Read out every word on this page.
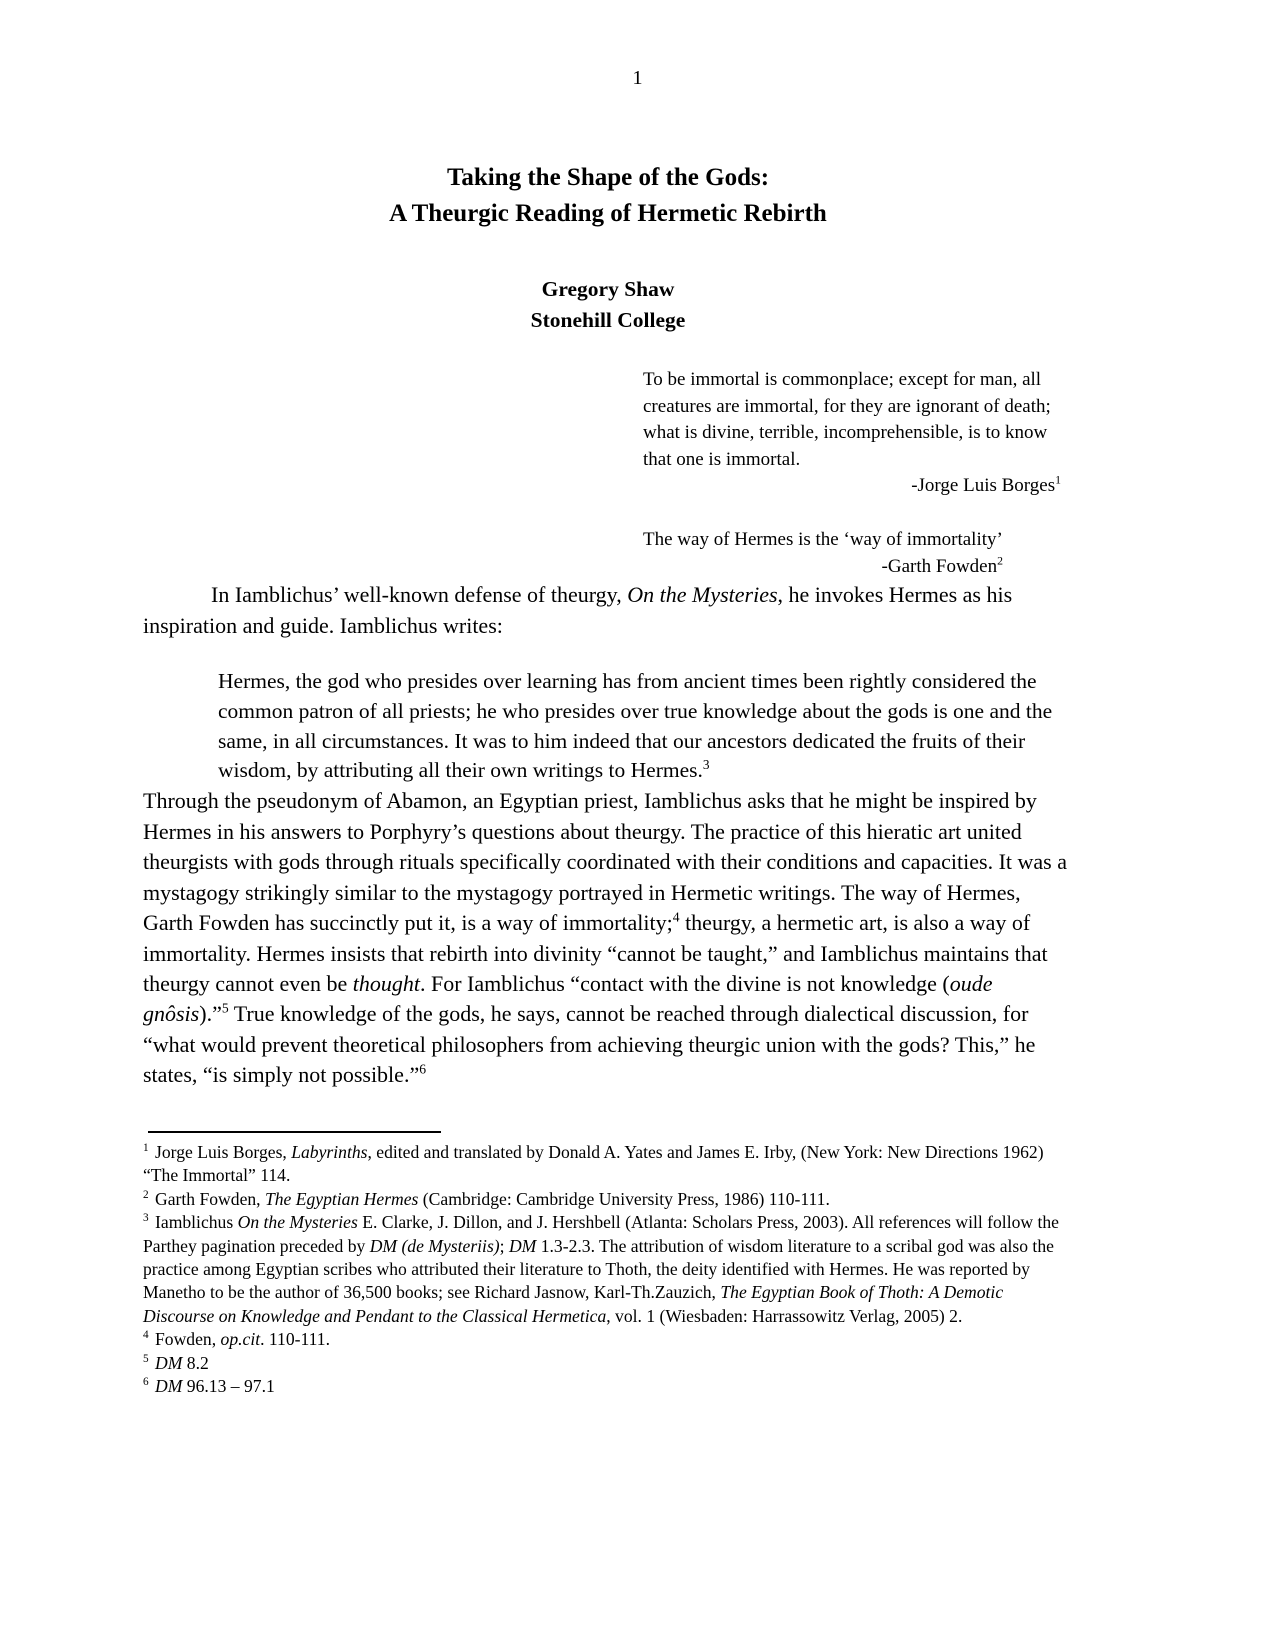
1
Taking the Shape of the Gods:
A Theurgic Reading of Hermetic Rebirth
Gregory Shaw
Stonehill College

To be immortal is commonplace; except for man, all creatures are immortal, for they are ignorant of death; what is divine, terrible, incomprehensible, is to know that one is immortal.

-Jorge Luis Borges$^1$

The way of Hermes is the ‘way of immortality’

-Garth Fowden$^2$

In Iamblichus’ well-known defense of theurgy, On the Mysteries, he invokes Hermes as his inspiration and guide. Iamblichus writes:

Hermes, the god who presides over learning has from ancient times been rightly considered the common patron of all priests; he who presides over true knowledge about the gods is one and the same, in all circumstances. It was to him indeed that our ancestors dedicated the fruits of their wisdom, by attributing all their own writings to Hermes.$^3$

Through the pseudonym of Abamon, an Egyptian priest, Iamblichus asks that he might be inspired by Hermes in his answers to Porphyry’s questions about theurgy. The practice of this hieratic art united theurgists with gods through rituals specifically coordinated with their conditions and capacities. It was a mystagogy strikingly similar to the mystagogy portrayed in Hermetic writings. The way of Hermes, Garth Fowden has succinctly put it, is a way of immortality;$^4$ theurgy, a hermetic art, is also a way of immortality. Hermes insists that rebirth into divinity “cannot be taught,” and Iamblichus maintains that theurgy cannot even be thought. For Iamblichus “contact with the divine is not knowledge (oude gnôsis).”$^5$ True knowledge of the gods, he says, cannot be reached through dialectical discussion, for “what would prevent theoretical philosophers from achieving theurgic union with the gods? This,” he states, “is simply not possible.”$^6$

$^1$ Jorge Luis Borges, Labyrinths, edited and translated by Donald A. Yates and James E. Irby, (New York: New Directions 1962) “The Immortal” 114.

$^2$ Garth Fowden, The Egyptian Hermes (Cambridge: Cambridge University Press, 1986) 110-111.

$^3$ Iamblichus On the Mysteries E. Clarke, J. Dillon, and J. Hershbell (Atlanta: Scholars Press, 2003). All references will follow the Parthey pagination preceded by DM (de Mysteriis); DM 1.3-2.3. The attribution of wisdom literature to a scribal god was also the practice among Egyptian scribes who attributed their literature to Thoth, the deity identified with Hermes. He was reported by Manetho to be the author of 36,500 books; see Richard Jasnow, Karl-Th.Zauzich, The Egyptian Book of Thoth: A Demotic Discourse on Knowledge and Pendant to the Classical Hermetica, vol. 1 (Wiesbaden: Harrassowitz Verlag, 2005) 2.

$^4$ Fowden, op.cit. 110-111.

$^5$ DM 8.2

$^6$ DM 96.13 – 97.1
